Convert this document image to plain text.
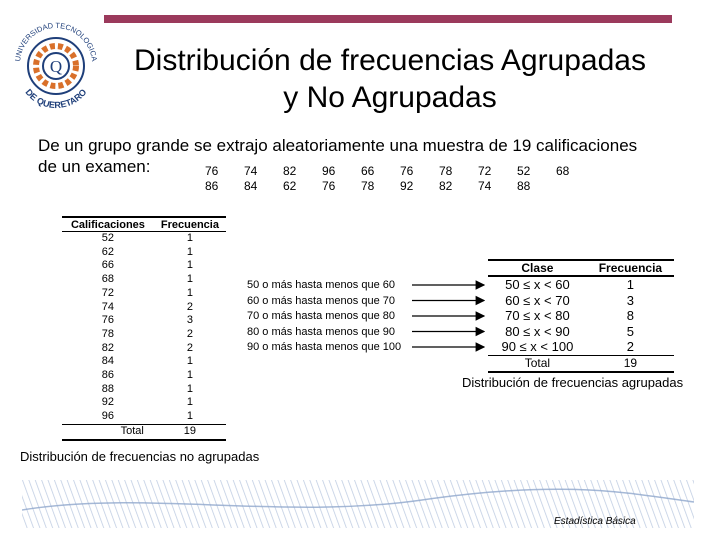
Q
UNIVERSIDAD TECNOLOGICA
DE QUERETARO
Distribución de frecuencias Agrupadas
y No Agrupadas
De un grupo grande se extrajo aleatoriamente una muestra de 19 calificaciones
de un examen:	76	74	82	96	66	76	78	72	52	68
86	84	62	76	78	92	82	74	88
Calificaciones	Frecuencia
52	1
62	1
66	1
68	1
72	1
74	2
76	3
78	2
82	2
84	1
86	1
88	1
92	1
96	1
Total	19
50 o más hasta menos que 60
60 o más hasta menos que 70
70 o más hasta menos que 80
80 o más hasta menos que 90
90 o más hasta menos que 100
Clase	Frecuencia
50 ≤ x < 60	1
60 ≤ x < 70	3
70 ≤ x < 80	8
80 ≤ x < 90	5
90 ≤ x < 100	2
Total	19
Distribución de frecuencias agrupadas
Distribución de frecuencias no agrupadas
Estadística Básica
